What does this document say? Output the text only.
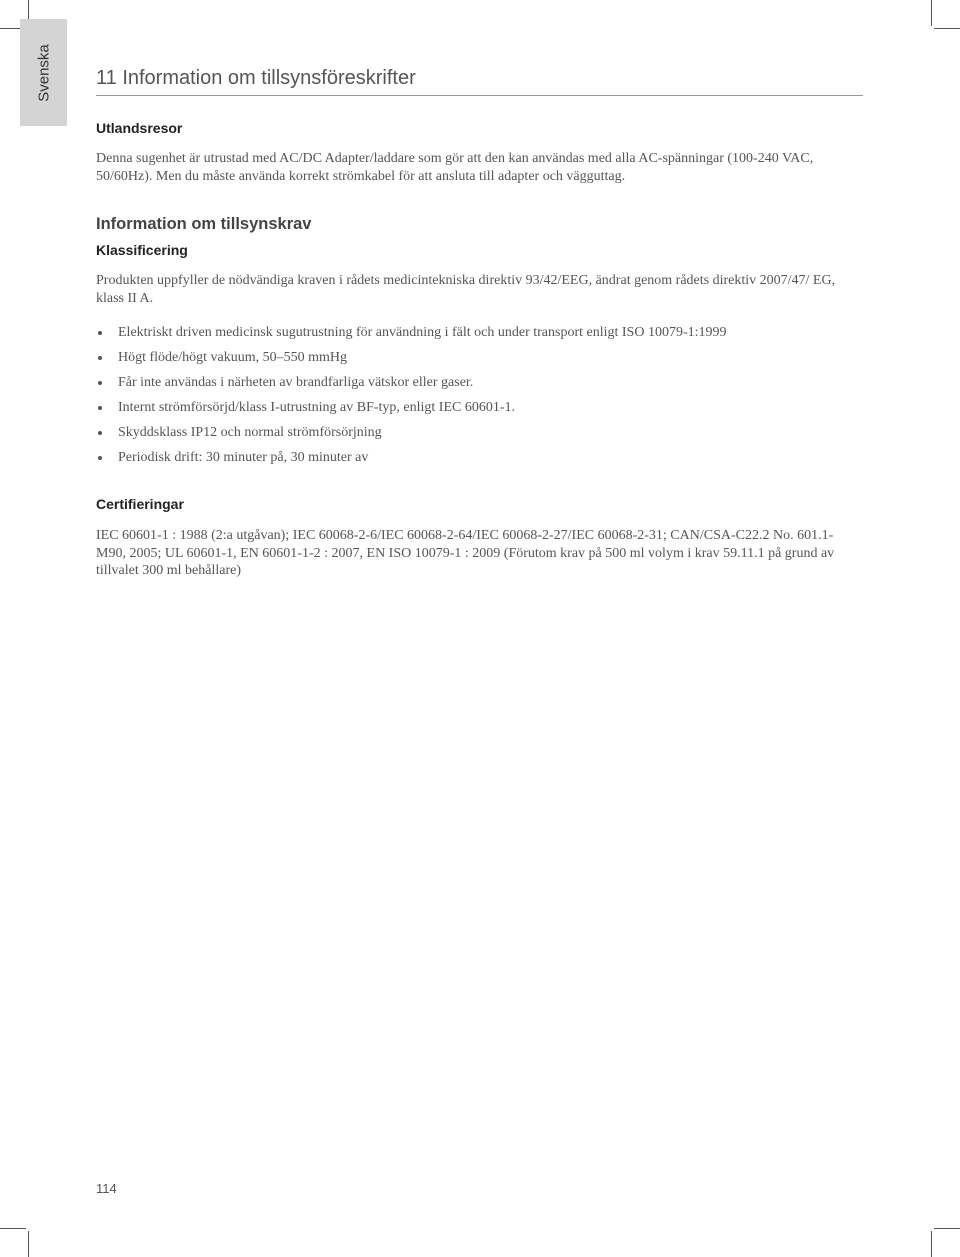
Svenska 11 Information om tillsynsföreskrifter
Utlandsresor

Denna sugenhet är utrustad med AC/DC Adapter/laddare som gör att den kan användas med alla AC-spänningar (100-240 VAC, 50/60Hz). Men du måste använda korrekt strömkabel för att ansluta till adapter och vägguttag.

Information om tillsynskrav
Klassificering

Produkten uppfyller de nödvändiga kraven i rådets medicintekniska direktiv 93/42/EEG, ändrat genom rådets direktiv 2007/47/ EG, klass II A.

Elektriskt driven medicinsk sugutrustning för användning i fält och under transport enligt ISO 10079-1:1999
Högt flöde/högt vakuum, 50–550 mmHg
Får inte användas i närheten av brandfarliga vätskor eller gaser.
Internt strömförsörjd/klass I-utrustning av BF-typ, enligt IEC 60601-1.
Skyddsklass IP12 och normal strömförsörjning
Periodisk drift: 30 minuter på, 30 minuter av
Certifieringar

IEC 60601-1 : 1988 (2:a utgåvan); IEC 60068-2-6/IEC 60068-2-64/IEC 60068-2-27/IEC 60068-2-31; CAN/CSA-C22.2 No. 601.1-M90, 2005; UL 60601-1, EN 60601-1-2 : 2007, EN ISO 10079-1 : 2009 (Förutom krav på 500 ml volym i krav 59.11.1 på grund av tillvalet 300 ml behållare)

114
